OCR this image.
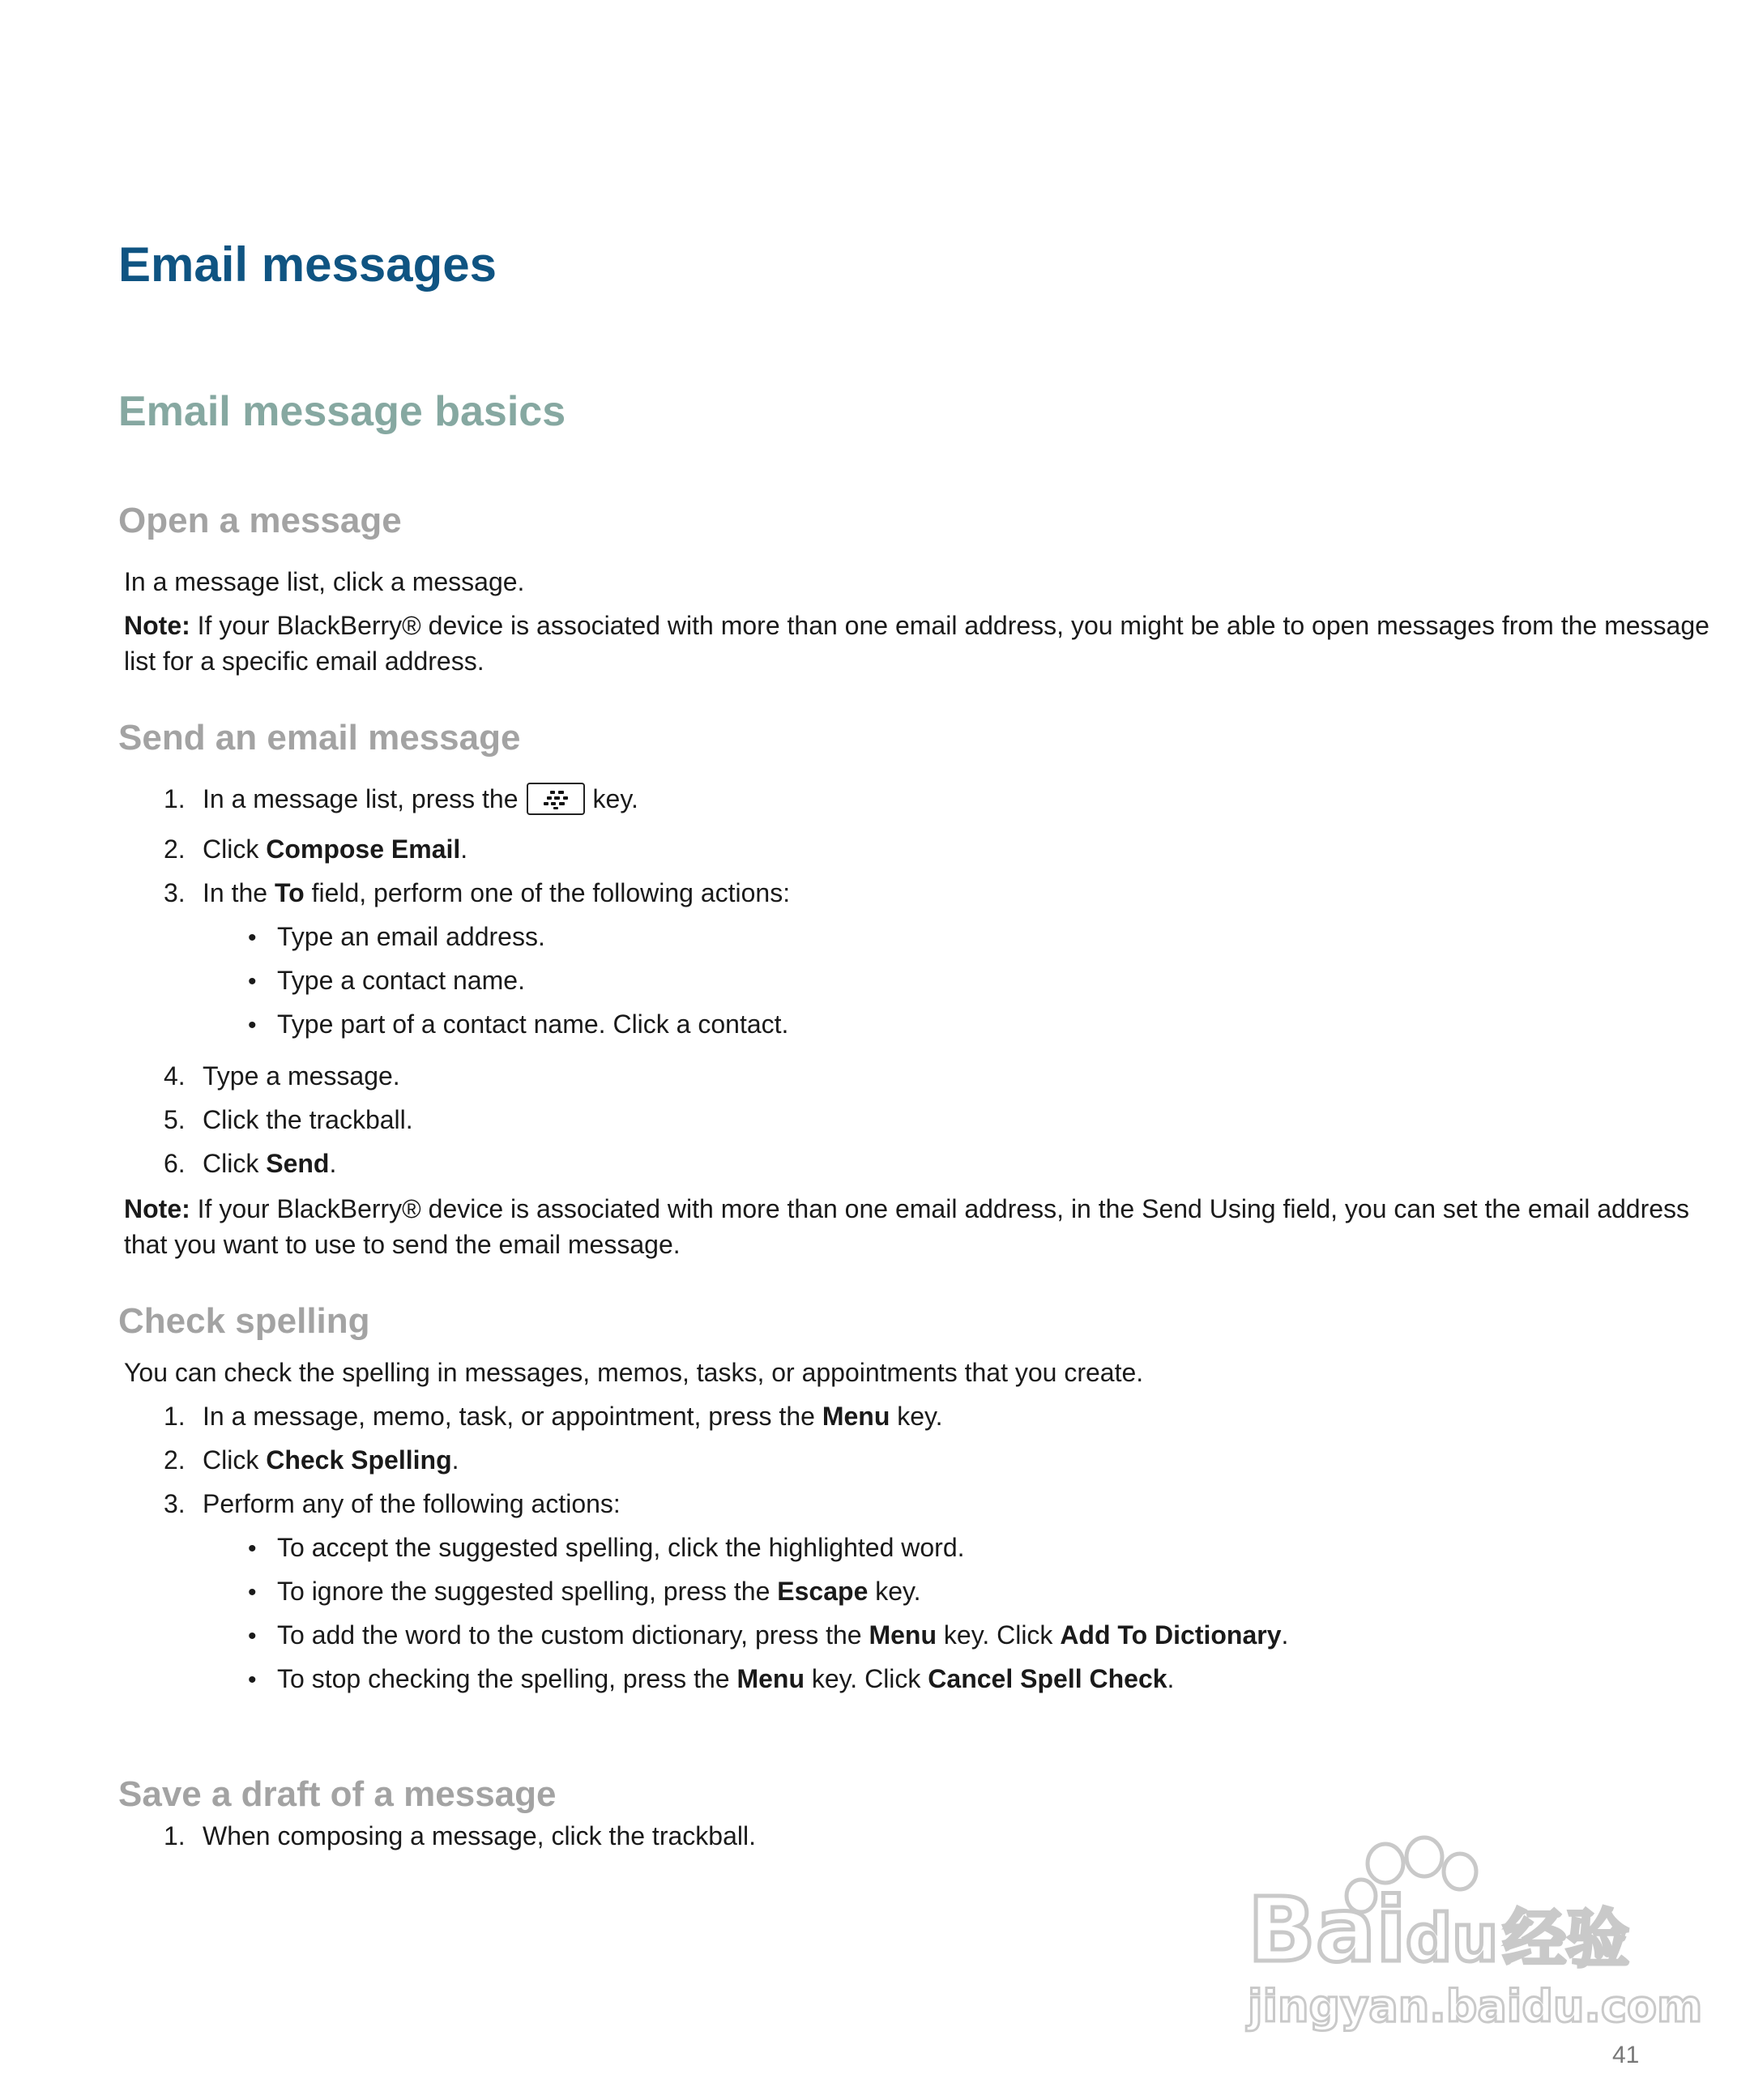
Email messages
Email message basics
Open a message

In a message list, click a message.

Note: If your BlackBerry® device is associated with more than one email address, you might be able to open messages from the message

list for a specific email address.

Send an email message

1. In a message list, press the	key.

2. Click Compose Email.

3. In the To field, perform one of the following actions:

• Type an email address.

• Type a contact name.

• Type part of a contact name. Click a contact.

4. Type a message.

5. Click the trackball.

6. Click Send.

Note: If your BlackBerry® device is associated with more than one email address, in the Send Using field, you can set the email address

that you want to use to send the email message.

Check spelling

You can check the spelling in messages, memos, tasks, or appointments that you create.

1. In a message, memo, task, or appointment, press the Menu key.

2. Click Check Spelling.

3. Perform any of the following actions:

• To accept the suggested spelling, click the highlighted word.

• To ignore the suggested spelling, press the Escape key.

• To add the word to the custom dictionary, press the Menu key. Click Add To Dictionary.

• To stop checking the spelling, press the Menu key. Click Cancel Spell Check.

Save a draft of a message

1. When composing a message, click the trackball.

Bai du 经验
jingyan.baidu.com

41
